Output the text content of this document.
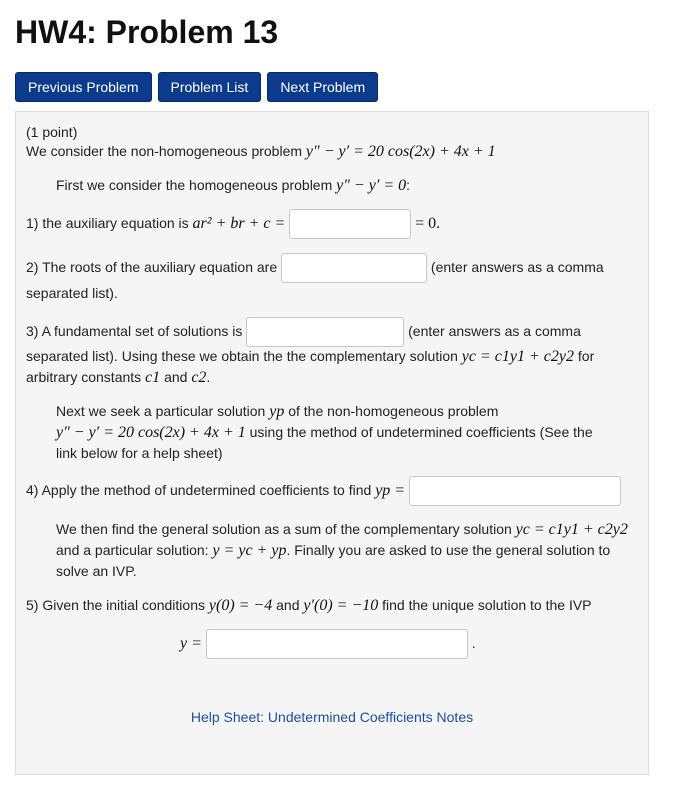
HW4: Problem 13
Previous Problem	Problem List	Next Problem
(1 point)
We consider the non-homogeneous problem y″ − y′ = 20 cos(2x) + 4x + 1
First we consider the homogeneous problem y″ − y′ = 0:
1) the auxiliary equation is ar² + br + c =	= 0.
2) The roots of the auxiliary equation are	(enter answers as a comma
separated list).
3) A fundamental set of solutions is	(enter answers as a comma
separated list). Using these we obtain the the complementary solution yc = c1y1 + c2y2 for
arbitrary constants c1 and c2.
Next we seek a particular solution yp of the non-homogeneous problem
y″ − y′ = 20 cos(2x) + 4x + 1 using the method of undetermined coefficients (See the
link below for a help sheet)
4) Apply the method of undetermined coefficients to find yp =
We then find the general solution as a sum of the complementary solution yc = c1y1 + c2y2
and a particular solution: y = yc + yp. Finally you are asked to use the general solution to
solve an IVP.
5) Given the initial conditions y(0) = −4 and y′(0) = −10 find the unique solution to the IVP
y =	.
Help Sheet: Undetermined Coefficients Notes
